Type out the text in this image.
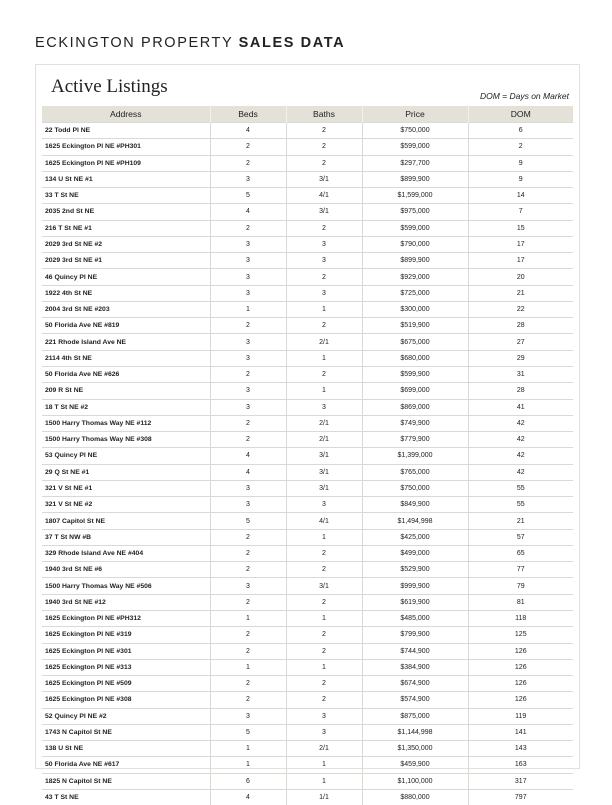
ECKINGTON PROPERTY SALES DATA
Active Listings	DOM = Days on Market
Address	Beds	Baths	Price	DOM
22 Todd Pl NE	4	2	$750,000	6
1625 Eckington Pl NE #PH301	2	2	$599,000	2
1625 Eckington Pl NE #PH109	2	2	$297,700	9
134 U St NE #1	3	3/1	$899,900	9
33 T St NE	5	4/1	$1,599,000	14
2035 2nd St NE	4	3/1	$975,000	7
216 T St NE #1	2	2	$599,000	15
2029 3rd St NE #2	3	3	$790,000	17
2029 3rd St NE #1	3	3	$899,900	17
46 Quincy Pl NE	3	2	$929,000	20
1922 4th St NE	3	3	$725,000	21
2004 3rd St NE #203	1	1	$300,000	22
50 Florida Ave NE #819	2	2	$519,900	28
221 Rhode Island Ave NE	3	2/1	$675,000	27
2114 4th St NE	3	1	$680,000	29
50 Florida Ave NE #626	2	2	$599,900	31
209 R St NE	3	1	$699,000	28
18 T St NE #2	3	3	$869,000	41
1500 Harry Thomas Way NE #112	2	2/1	$749,900	42
1500 Harry Thomas Way NE #308	2	2/1	$779,900	42
53 Quincy Pl NE	4	3/1	$1,399,000	42
29 Q St NE #1	4	3/1	$765,000	42
321 V St NE #1	3	3/1	$750,000	55
321 V St NE #2	3	3	$849,900	55
1807 Capitol St NE	5	4/1	$1,494,998	21
37 T St NW #B	2	1	$425,000	57
329 Rhode Island Ave NE #404	2	2	$499,000	65
1940 3rd St NE #6	2	2	$529,900	77
1500 Harry Thomas Way NE #506	3	3/1	$999,900	79
1940 3rd St NE #12	2	2	$619,900	81
1625 Eckington Pl NE #PH312	1	1	$485,000	118
1625 Eckington Pl NE #319	2	2	$799,900	125
1625 Eckington Pl NE #301	2	2	$744,900	126
1625 Eckington Pl NE #313	1	1	$384,900	126
1625 Eckington Pl NE #509	2	2	$674,900	126
1625 Eckington Pl NE #308	2	2	$574,900	126
52 Quincy Pl NE #2	3	3	$875,000	119
1743 N Capitol St NE	5	3	$1,144,998	141
138 U St NE	1	2/1	$1,350,000	143
50 Florida Ave NE #617	1	1	$459,900	163
1825 N Capitol St NE	6	1	$1,100,000	317
43 T St NE	4	1/1	$880,000	797
